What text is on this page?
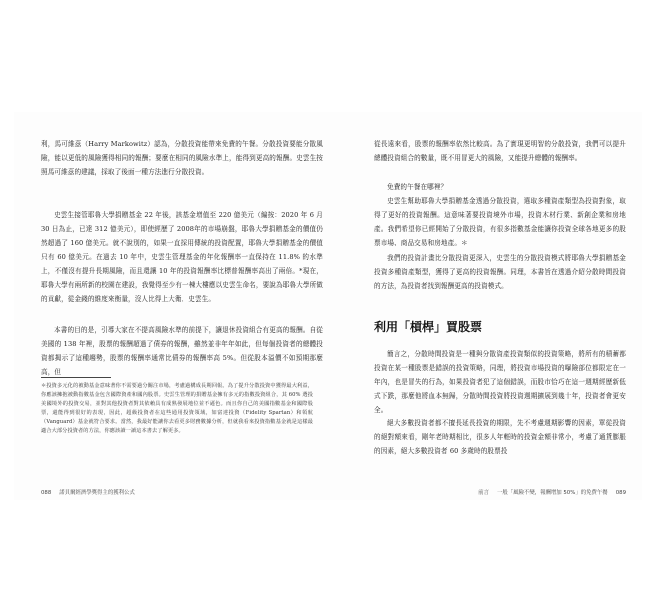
利，馬可維茲（Harry Markowitz）認為，分散投資能帶來免費的午餐。分散投資要能分散風險，能以更低的風險獲得相同的報酬；要麼在相同的風險水準上，能得到更高的報酬。史雲生按照馬可維茲的建議，採取了後面一種方法進行分散投資。

史雲生接管耶魯大學捐贈基金 22 年後，該基金增值至 220 億美元（編按：2020 年 6 月 30 日為止，已達 312 億美元），即使經歷了 2008年的市場崩盤，耶魯大學捐贈基金的價值仍然超過了 160 億美元。就不說別的，如果一直採用傳統的投資配置，耶魯大學捐贈基金的價值只有 60 億美元。在過去 10 年中，史雲生管理基金的年化報酬率一直保持在 11.8% 的水準上，不僅沒有提升長期風險，而且還讓 10 年的投資報酬率比標普報酬率高出了兩倍。*現在，耶魯大學有兩所新的校園在建設，我覺得至少有一棟大樓應以史雲生命名，要說為耶魯大學所做的貢獻，從金錢的維度來衡量，沒人比得上大衛．史雲生。

本書的目的是，引導大家在不提高風險水準的前提下，讓退休投資組合有更高的報酬。自從美國的 138 年裡，股票的報酬超過了債券的報酬，雖然並非年年如此，但每個投資者的總體投資都揭示了這種趨勢，股票的報酬率通常比債券的報酬率高 5%。但從股本溢價不如預期那麼高，但

＊投資多元化的被動基金意味著你不需要過分關注市場，考慮過構成長期回報。為了提升分散投資中獲得最大利益，你應該擁抱被動指數基金包含國際資產和國內股票。史雲生管理的捐贈基金擁有多元的指數投資組合，其 60% 選投美國境外的投資交易，並對其他投資者對其依賴具有成熟發展地位並不遜色。而且你自己的美國指數基金和國際股票，還能得到很好的表現，因此，超級投資者在這些通用投資領域，如富達投資（Fidelity Spartan）和領航（Vanguard）基金就符合要求。當然，我最好能讓你去看更多財務數據分析，但就我看來投資指數基金就是這樣最適合大部分投資者的方法，你應該讀一讀這本書去了解更多。

088 諾貝爾經濟學獎得主的獲利公式

從長遠來看，股票的報酬率依然比較高。為了實現更明智的分散投資，我們可以提升總體投資組合的數量，既不用冒更大的風險，又能提升總體的報酬率。

免費的午餐在哪裡？

史雲生幫助耶魯大學捐贈基金透過分散投資，選取多種資產類型為投資對象，取得了更好的投資報酬。這意味著要投資境外市場，投資木材行業、新創企業和房地產。我們希望你已經開始了分散投資，有很多指數基金能讓你投資全球各地更多的股票市場、商品交易和房地產。＊

我們的投資計畫比分散投資更深入，史雲生的分散投資模式將耶魯大學捐贈基金投資多種資產類型，獲得了更高的投資報酬。同理，本書旨在透過介紹分散時間投資的方法，為投資者找到報酬更高的投資模式。

利用「槓桿」買股票

簡言之，分散時間投資是一種與分散資產投資類似的投資策略，將所有的積蓄都投資在某一種股票是錯誤的投資策略，同理，將投資市場投資的曝險部位都限定在一年內，也是冒失的行為，如果投資者犯了這個錯誤，而股市恰巧在這一週期經歷新低式下跌，那麼他將血本無歸，分散時間投資將投資週期擴展到幾十年，投資者會更安全。

絕大多數投資者都不擅長延長投資的期限，先不考慮週期影響的因素，單從投資的絕對額來看，剛年老時期相比，很多人年輕時的投資金額非常小，考慮了通貨膨脹的因素，絕大多數投資者 60 多歲時的股票投

前言 一般「風險不變，報酬增加 50%」的免費午餐 089
